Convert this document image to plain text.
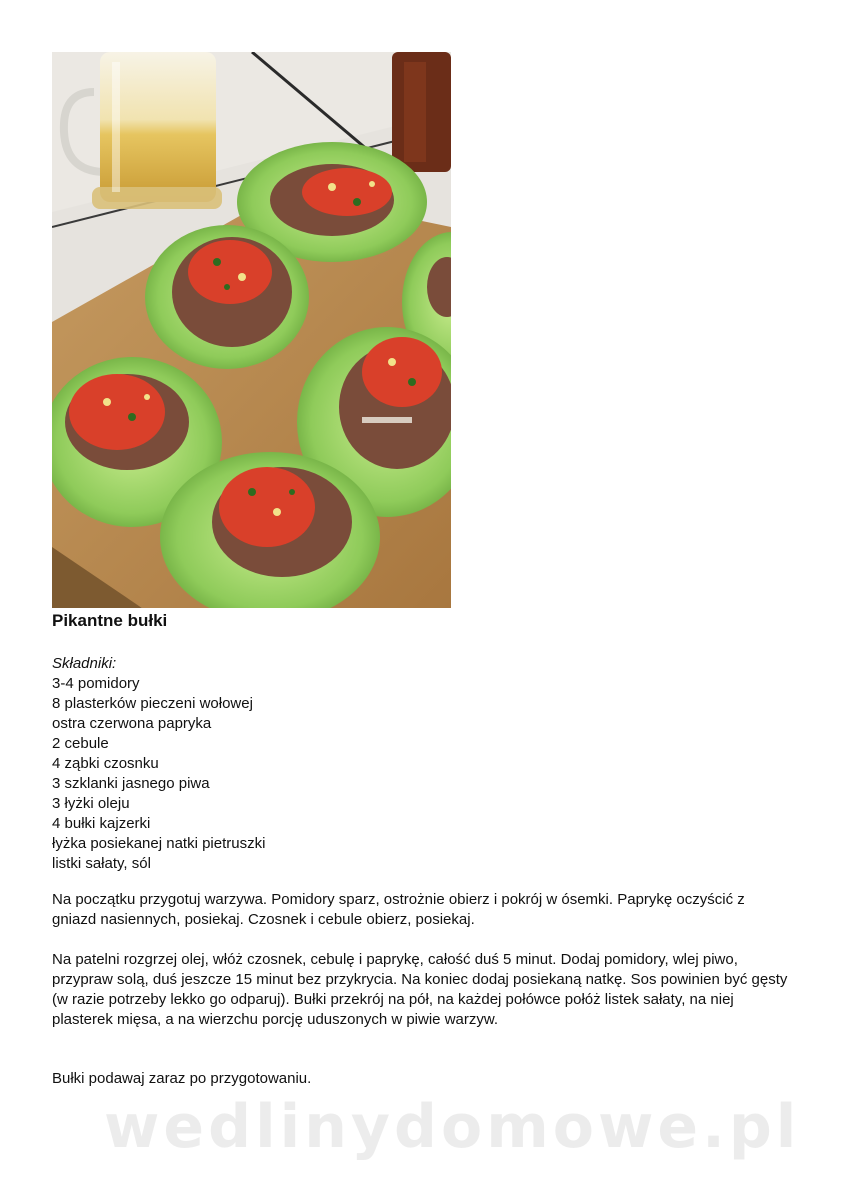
Pikantne bułki
Składniki:
3-4 pomidory
8 plasterków pieczeni wołowej
ostra czerwona papryka
2 cebule
4 ząbki czosnku
3 szklanki jasnego piwa
3 łyżki oleju
4 bułki kajzerki
łyżka posiekanej natki pietruszki
listki sałaty, sól

Na początku przygotuj warzywa. Pomidory sparz, ostrożnie obierz i pokrój w ósemki. Paprykę oczyścić z gniazd nasiennych, posiekaj. Czosnek i cebule obierz, posiekaj.

Na patelni rozgrzej olej, włóż czosnek, cebulę i paprykę, całość duś 5 minut. Dodaj pomidory, wlej piwo, przypraw solą, duś jeszcze 15 minut bez przykrycia. Na koniec dodaj posiekaną natkę. Sos powinien być gęsty (w razie potrzeby lekko go odparuj). Bułki przekrój na pół, na każdej połówce połóż listek sałaty, na niej plasterek mięsa, a na wierzchu porcję uduszonych w piwie warzyw.

Bułki podawaj zaraz po przygotowaniu.

wedlinydomowe.pl
